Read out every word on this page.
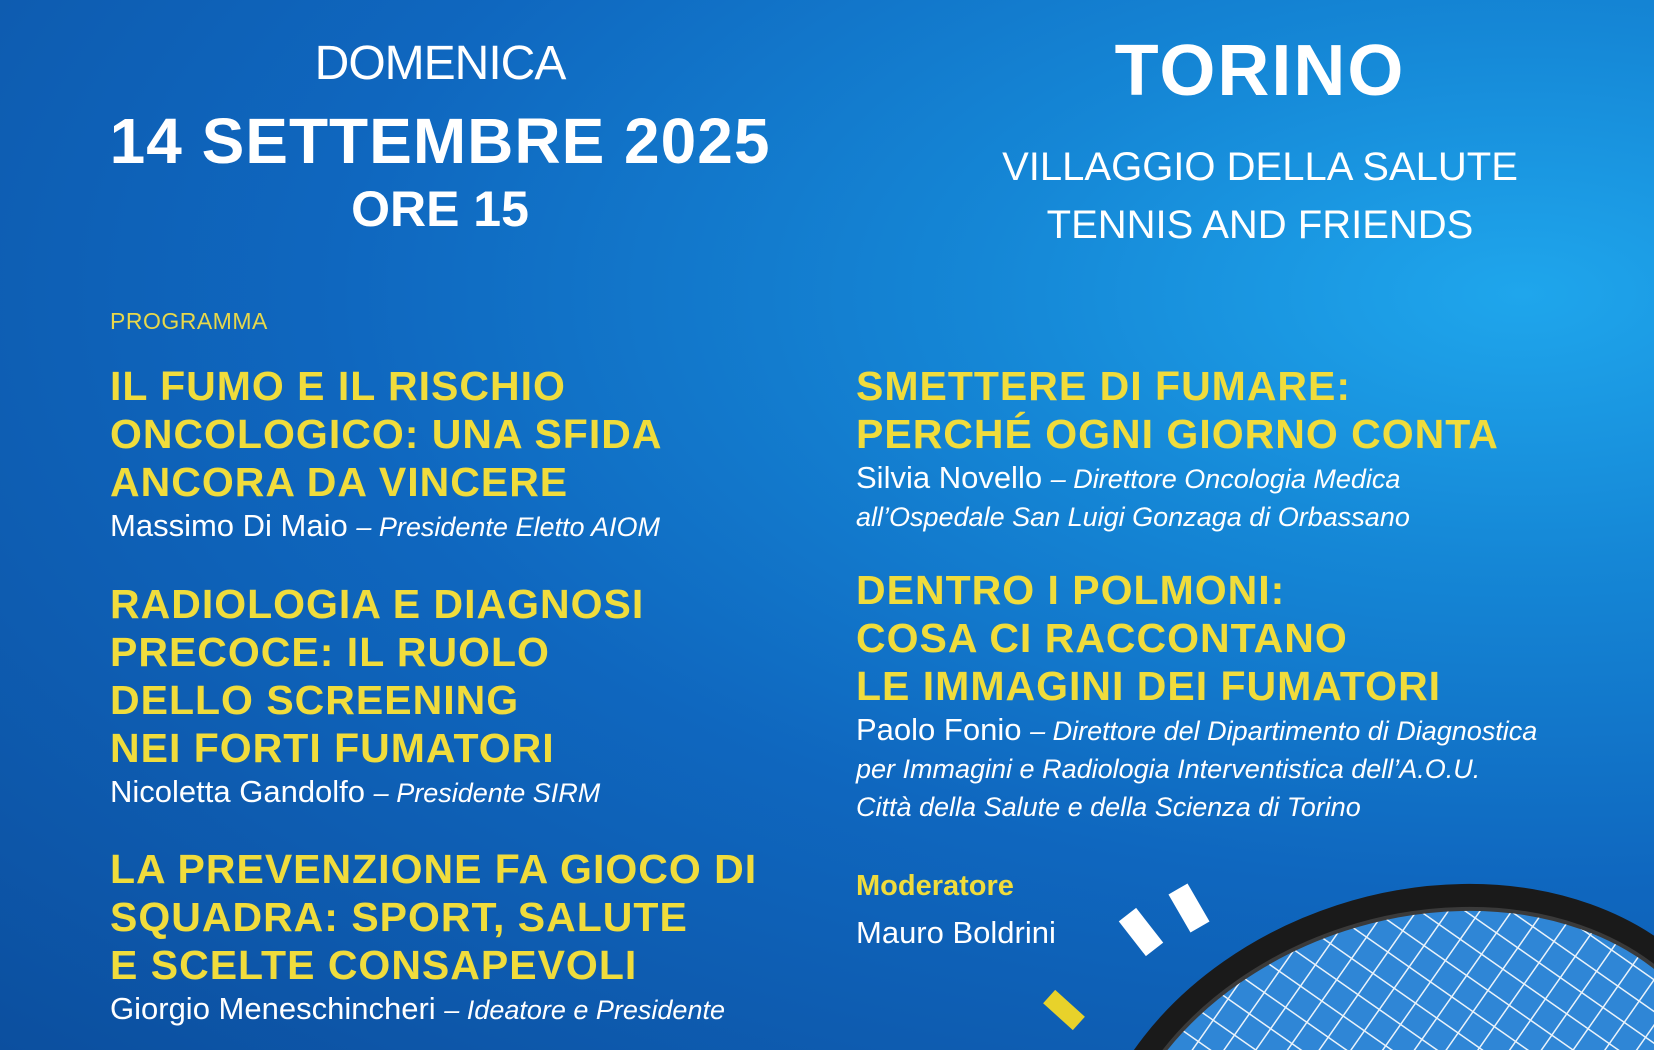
DOMENICA
14 SETTEMBRE 2025
ORE 15
TORINO
VILLAGGIO DELLA SALUTE
TENNIS AND FRIENDS
PROGRAMMA
IL FUMO E IL RISCHIO
ONCOLOGICO: UNA SFIDA
ANCORA DA VINCERE
Massimo Di Maio – Presidente Eletto AIOM
RADIOLOGIA E DIAGNOSI
PRECOCE: IL RUOLO
DELLO SCREENING
NEI FORTI FUMATORI
Nicoletta Gandolfo – Presidente SIRM
LA PREVENZIONE FA GIOCO DI
SQUADRA: SPORT, SALUTE
E SCELTE CONSAPEVOLI
Giorgio Meneschincheri – Ideatore e Presidente
SMETTERE DI FUMARE:
PERCHÉ OGNI GIORNO CONTA
Silvia Novello – Direttore Oncologia Medica
all’Ospedale San Luigi Gonzaga di Orbassano
DENTRO I POLMONI:
COSA CI RACCONTANO
LE IMMAGINI DEI FUMATORI
Paolo Fonio – Direttore del Dipartimento di Diagnostica
per Immagini e Radiologia Interventistica dell’A.O.U.
Città della Salute e della Scienza di Torino
Moderatore
Mauro Boldrini
